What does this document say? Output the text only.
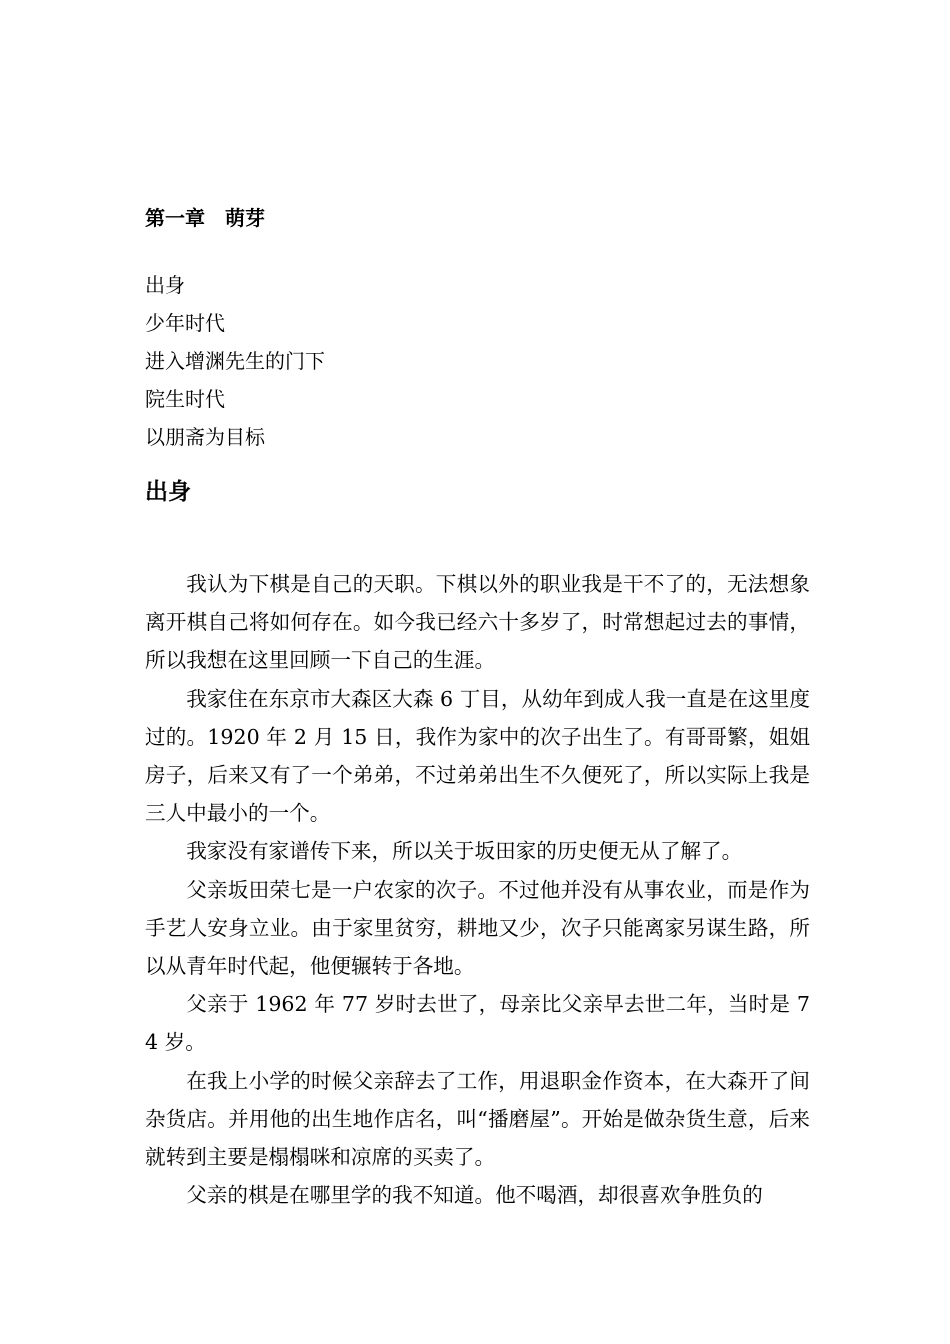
第一章　萌芽
出身
少年时代
进入增渊先生的门下
院生时代
以朋斋为目标
出身

我认为下棋是自己的天职。下棋以外的职业我是干不了的，无法想象离开棋自己将如何存在。如今我已经六十多岁了，时常想起过去的事情，所以我想在这里回顾一下自己的生涯。

我家住在东京市大森区大森 6 丁目，从幼年到成人我一直是在这里度过的。1920 年 2 月 15 日，我作为家中的次子出生了。有哥哥繁，姐姐房子，后来又有了一个弟弟，不过弟弟出生不久便死了，所以实际上我是三人中最小的一个。

我家没有家谱传下来，所以关于坂田家的历史便无从了解了。

父亲坂田荣七是一户农家的次子。不过他并没有从事农业，而是作为手艺人安身立业。由于家里贫穷，耕地又少，次子只能离家另谋生路，所以从青年时代起，他便辗转于各地。

父亲于 1962 年 77 岁时去世了，母亲比父亲早去世二年，当时是 74 岁。

在我上小学的时候父亲辞去了工作，用退职金作资本，在大森开了间杂货店。并用他的出生地作店名，叫“播磨屋”。开始是做杂货生意，后来就转到主要是榻榻咪和凉席的买卖了。

父亲的棋是在哪里学的我不知道。他不喝酒，却很喜欢争胜负的
